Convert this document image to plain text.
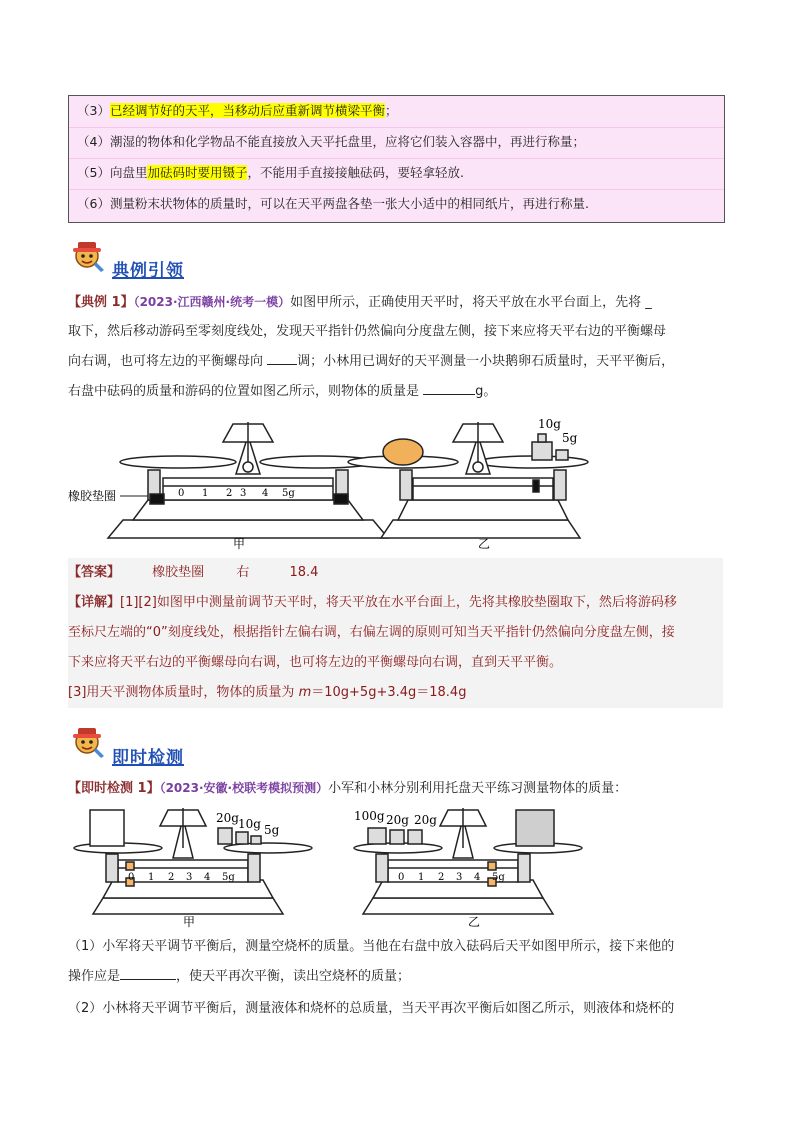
（3）已经调节好的天平，当移动后应重新调节横梁平衡；
（4）潮湿的物体和化学物品不能直接放入天平托盘里，应将它们装入容器中，再进行称量；
（5）向盘里加砝码时要用镊子，不能用手直接接触砝码，要轻拿轻放.
（6）测量粉末状物体的质量时，可以在天平两盘各垫一张大小适中的相同纸片，再进行称量.
典例引领
【典例 1】（2023·江西赣州·统考一模）如图甲所示，正确使用天平时，将天平放在水平台面上，先将 _
取下，然后移动游码至零刻度线处，发现天平指针仍然偏向分度盘左侧，接下来应将天平右边的平衡螺母
向右调，也可将左边的平衡螺母向	调；小林用已调好的天平测量一小块鹅卵石质量时，天平平衡后，
右盘中砝码的质量和游码的位置如图乙所示，则物体的质量是	g。
0 1 2 3 4 5g
橡胶垫圈
10g
5g
甲	乙
【答案】 橡胶垫圈 右	18.4
【详解】[1][2]如图甲中测量前调节天平时，将天平放在水平台面上，先将其橡胶垫圈取下，然后将游码移
至标尺左端的“0”刻度线处，根据指针左偏右调，右偏左调的原则可知当天平指针仍然偏向分度盘左侧，接
下来应将天平右边的平衡螺母向右调，也可将左边的平衡螺母向右调，直到天平平衡。
[3]用天平测物体质量时，物体的质量为 m＝10g+5g+3.4g＝18.4g
即时检测
【即时检测 1】（2023·安徽·校联考模拟预测）小军和小林分别利用托盘天平练习测量物体的质量：
20g 10g 5g
0 1 2 3 4 5g
100g 20g 20g
0 1 2 3 4 5g
甲	乙
（1）小军将天平调节平衡后，测量空烧杯的质量。当他在右盘中放入砝码后天平如图甲所示，接下来他的
操作应是	，使天平再次平衡，读出空烧杯的质量；
（2）小林将天平调节平衡后，测量液体和烧杯的总质量，当天平再次平衡后如图乙所示，则液体和烧杯的
